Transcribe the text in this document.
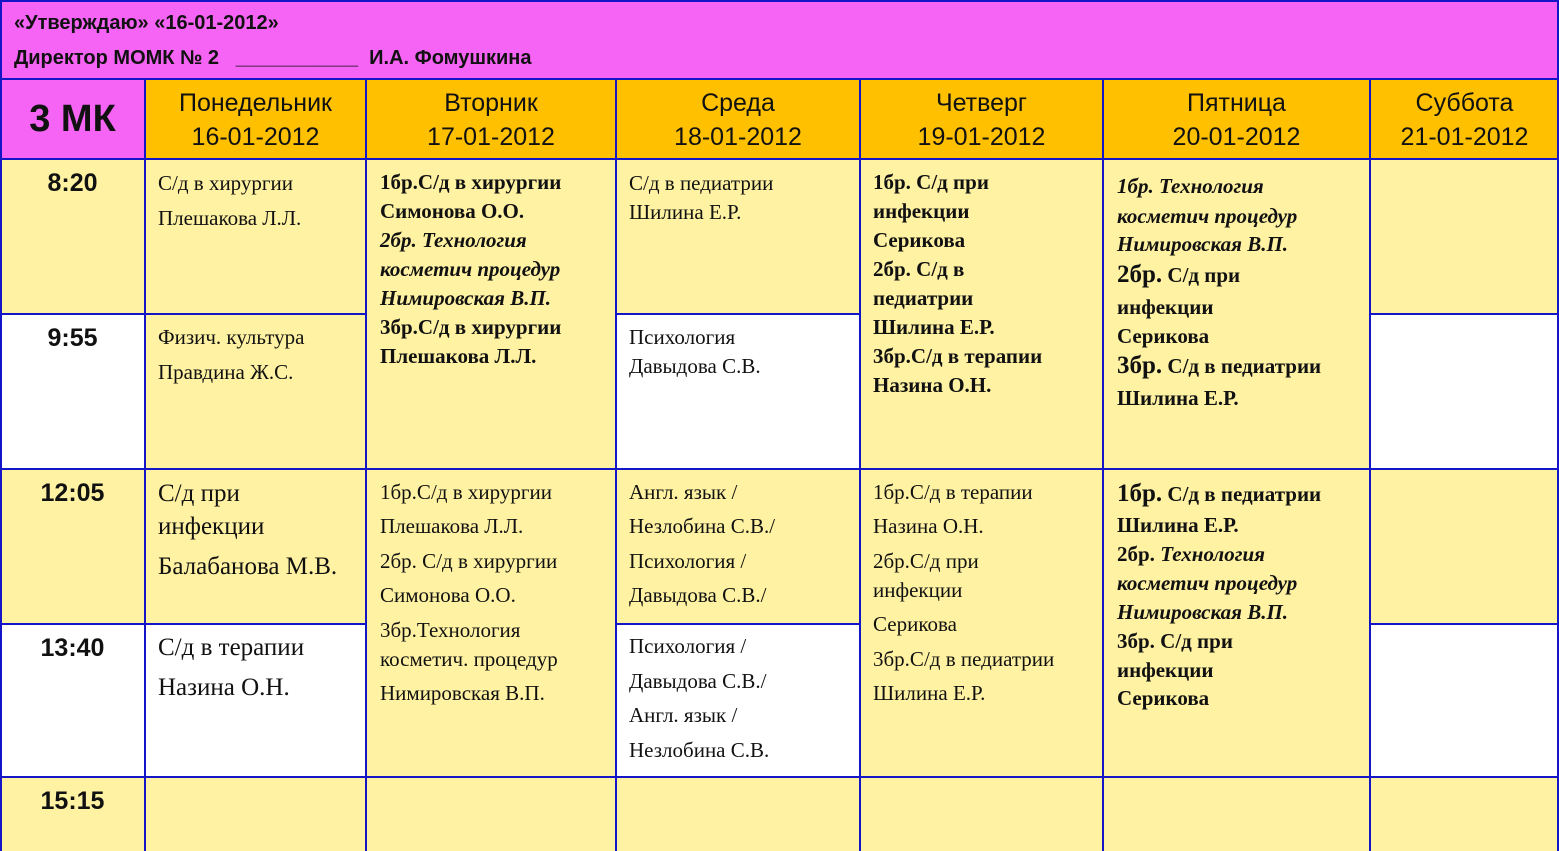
«Утверждаю» «16-01-2012»
Директор МОМК № 2   ___________  И.А. Фомушкина
3 МК	Понедельник
16-01-2012
Вторник
17-01-2012
Среда
18-01-2012
Четверг
19-01-2012
Пятница
20-01-2012
Суббота
21-01-2012
8:20
9:55
12:05
13:40
15:15
С/д в хирургии
Плешакова Л.Л.
Физич. культура
Правдина Ж.С.
С/д при
инфекции
Балабанова М.В.
С/д в терапии
Назина О.Н.
1бр.С/д в хирургии
Симонова О.О.
2бр. Технология
косметич процедур
Нимировская В.П.
3бр.С/д в хирургии
Плешакова Л.Л.
1бр.С/д в хирургии
Плешакова Л.Л.
2бр. С/д в хирургии
Симонова О.О.
3бр.Технология
косметич. процедур
Нимировская В.П.
С/д в педиатрии
Шилина Е.Р.
Психология
Давыдова С.В.
Англ. язык /
Незлобина С.В./
Психология /
Давыдова С.В./
Психология /
Давыдова С.В./
Англ. язык /
Незлобина С.В.
1бр. С/д при
инфекции
Серикова
2бр. С/д в
педиатрии
Шилина Е.Р.
3бр.С/д в терапии
Назина О.Н.
1бр.С/д в терапии
Назина О.Н.
2бр.С/д при
инфекции
Серикова
3бр.С/д в педиатрии
Шилина Е.Р.
1бр. Технология
косметич процедур
Нимировская В.П.
2бр. С/д при
инфекции
Серикова
3бр. С/д в педиатрии
Шилина Е.Р.
1бр. С/д в педиатрии
Шилина Е.Р.
2бр. Технология
косметич процедур
Нимировская В.П.
3бр. С/д при
инфекции
Серикова
